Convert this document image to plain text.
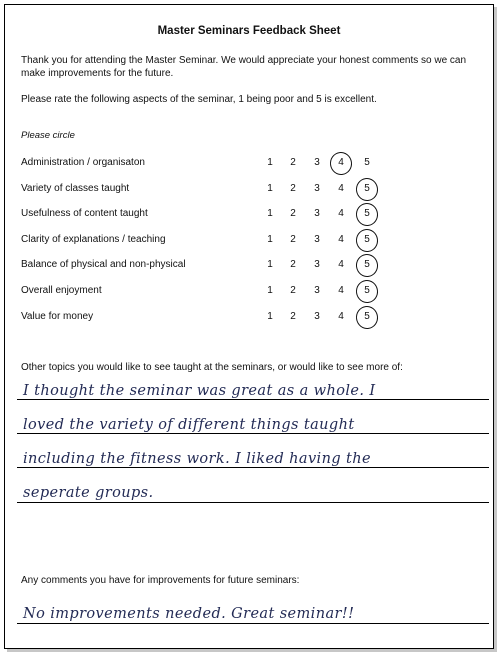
Master Seminars Feedback Sheet
Thank you for attending the Master Seminar. We would appreciate your honest comments so we can make improvements for the future.
Please rate the following aspects of the seminar, 1 being poor and 5 is excellent.
Please circle
Administration / organisaton	1	2	3	4	5
Variety of classes taught	1	2	3	4	5
Usefulness of content taught	1	2	3	4	5
Clarity of explanations / teaching	1	2	3	4	5
Balance of physical and non-physical	1	2	3	4	5
Overall enjoyment	1	2	3	4	5
Value for money	1	2	3	4	5
Other topics you would like to see taught at the seminars, or would like to see more of:
I thought the seminar was great as a whole. I
loved the variety of different things taught
including the fitness work. I liked having the
seperate groups.
Any comments you have for improvements for future seminars:
No improvements needed. Great seminar!!
